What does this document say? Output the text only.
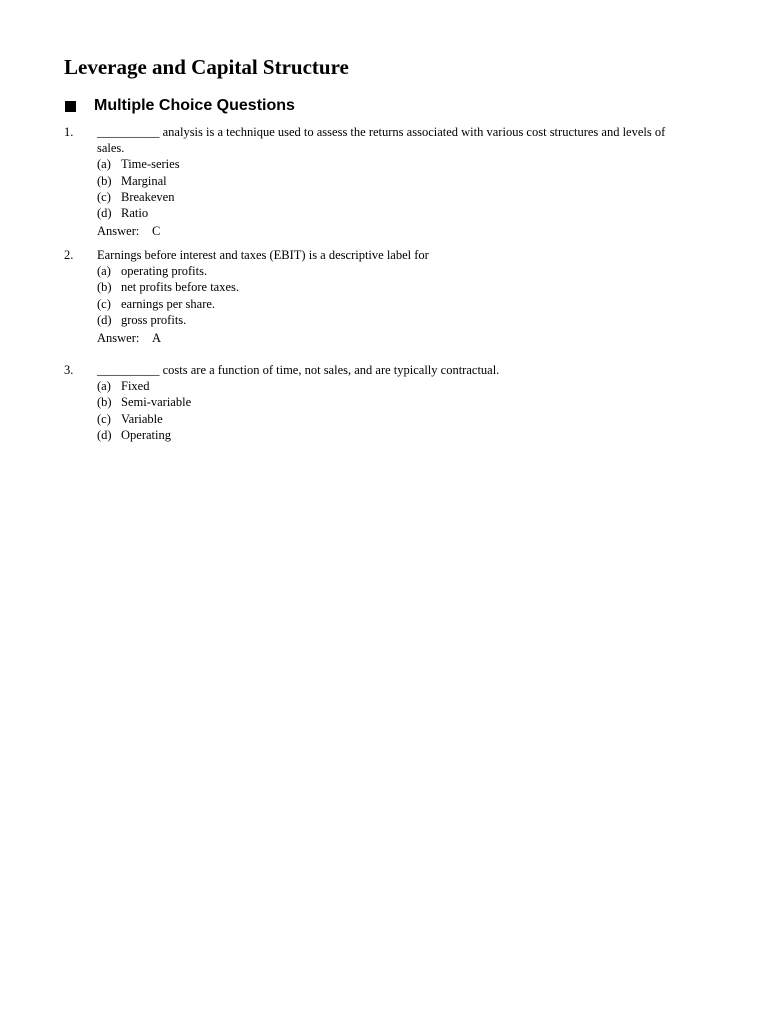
Leverage and Capital Structure
Multiple Choice Questions
1. __________ analysis is a technique used to assess the returns associated with various cost structures and levels of sales.

(a) Time-series
(b) Marginal
(c) Breakeven
(d) Ratio
Answer: C
2. Earnings before interest and taxes (EBIT) is a descriptive label for

(a) operating profits.
(b) net profits before taxes.
(c) earnings per share.
(d) gross profits.
Answer: A
3. __________ costs are a function of time, not sales, and are typically contractual.

(a) Fixed
(b) Semi-variable
(c) Variable
(d) Operating
